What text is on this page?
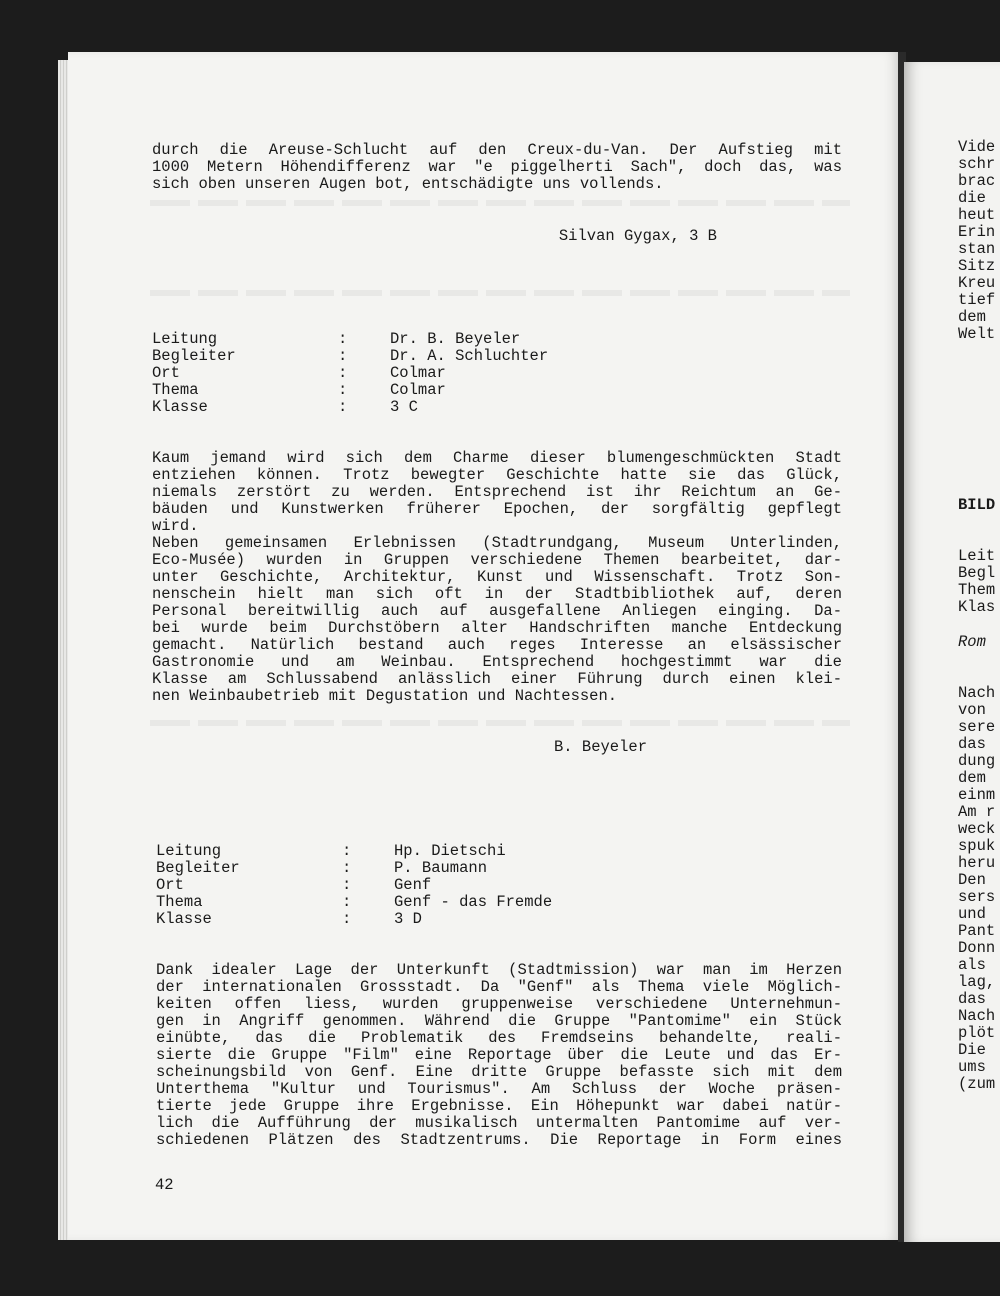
durch die Areuse-Schlucht auf den Creux-du-Van. Der Aufstieg mit
1000 Metern Höhendifferenz war "e piggelherti Sach", doch das, was
sich oben unseren Augen bot, entschädigte uns vollends.
Silvan Gygax, 3 B
Leitung	:	Dr. B. Beyeler
Begleiter	:	Dr. A. Schluchter
Ort	:	Colmar
Thema	:	Colmar
Klasse	:	3 C
Kaum jemand wird sich dem Charme dieser blumengeschmückten Stadt
entziehen können. Trotz bewegter Geschichte hatte sie das Glück,
niemals zerstört zu werden. Entsprechend ist ihr Reichtum an Ge-
bäuden und Kunstwerken früherer Epochen, der sorgfältig gepflegt
wird.
Neben gemeinsamen Erlebnissen (Stadtrundgang, Museum Unterlinden,
Eco-Musée) wurden in Gruppen verschiedene Themen bearbeitet, dar-
unter Geschichte, Architektur, Kunst und Wissenschaft. Trotz Son-
nenschein hielt man sich oft in der Stadtbibliothek auf, deren
Personal bereitwillig auch auf ausgefallene Anliegen einging. Da-
bei wurde beim Durchstöbern alter Handschriften manche Entdeckung
gemacht. Natürlich bestand auch reges Interesse an elsässischer
Gastronomie und am Weinbau. Entsprechend hochgestimmt war die
Klasse am Schlussabend anlässlich einer Führung durch einen klei-
nen Weinbaubetrieb mit Degustation und Nachtessen.
B. Beyeler
Leitung	:	Hp. Dietschi
Begleiter	:	P. Baumann
Ort	:	Genf
Thema	:	Genf - das Fremde
Klasse	:	3 D
Dank idealer Lage der Unterkunft (Stadtmission) war man im Herzen
der internationalen Grossstadt. Da "Genf" als Thema viele Möglich-
keiten offen liess, wurden gruppenweise verschiedene Unternehmun-
gen in Angriff genommen. Während die Gruppe "Pantomime" ein Stück
einübte, das die Problematik des Fremdseins behandelte, reali-
sierte die Gruppe "Film" eine Reportage über die Leute und das Er-
scheinungsbild von Genf. Eine dritte Gruppe befasste sich mit dem
Unterthema "Kultur und Tourismus". Am Schluss der Woche präsen-
tierte jede Gruppe ihre Ergebnisse. Ein Höhepunkt war dabei natür-
lich die Aufführung der musikalisch untermalten Pantomime auf ver-
schiedenen Plätzen des Stadtzentrums. Die Reportage in Form eines
42
Vide
schr
brac
die
heut
Erin
stan
Sitz
Kreu
tief
dem
Welt
BILD
Leit
Begl
Them
Klas
Rom
Nach
von
sere
das
dung
dem
einm
Am r
weck
spuk
heru
Den
sers
und
Pant
Donn
als
lag,
das
Nach
plöt
Die
ums
(zum
